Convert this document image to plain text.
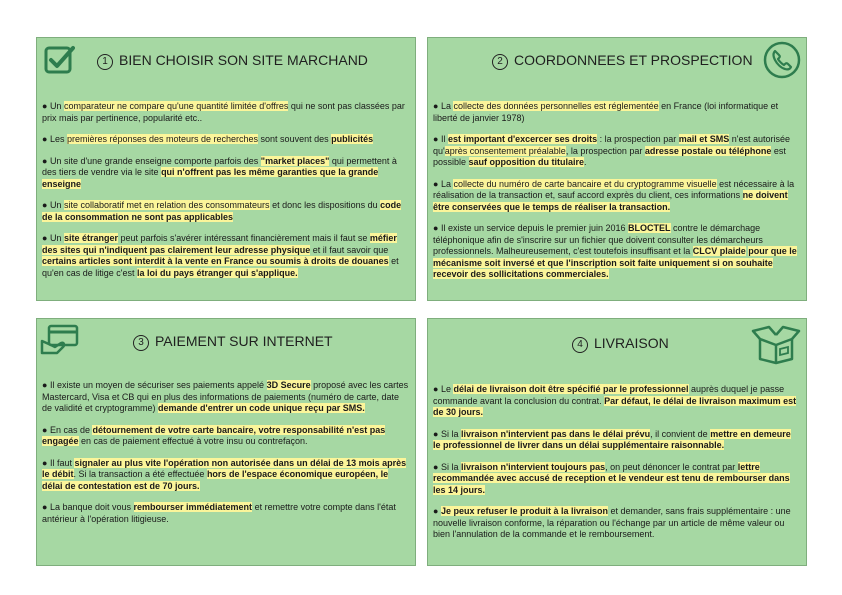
1 BIEN CHOISIR SON SITE MARCHAND

● Un comparateur ne compare qu'une quantité limitée d'offres qui ne sont pas classées par prix mais par pertinence, popularité etc..

● Les premières réponses des moteurs de recherches sont souvent des publicités

● Un site d'une grande enseigne comporte parfois des "market places" qui permettent à des tiers de vendre via le site qui n'offrent pas les même garanties que la grande enseigne

● Un site collaboratif met en relation des consommateurs et donc les dispositions du code de la consommation ne sont pas applicables

● Un site étranger peut parfois s'avérer intéressant financièrement mais il faut se méfier des sites qui n'indiquent pas clairement leur adresse physique et il faut savoir que certains articles sont interdit à la vente en France ou soumis à droits de douanes et qu'en cas de litige c'est la loi du pays étranger qui s'applique.

2 COORDONNEES ET PROSPECTION

● La collecte des données personnelles est réglementée en France (loi informatique et liberté de janvier 1978)

● Il est important d'excercer ses droits : la prospection par mail et SMS n'est autorisée qu'après consentement préalable, la prospection par adresse postale ou téléphone est possible sauf opposition du titulaire.

● La collecte du numéro de carte bancaire et du cryptogramme visuelle est nécessaire à la réalisation de la transaction et, sauf accord exprès du client, ces informations ne doivent être conservées que le temps de réaliser la transaction.

● Il existe un service depuis le premier juin 2016 BLOCTEL contre le démarchage téléphonique afin de s'inscrire sur un fichier que doivent consulter les démarcheurs professionnels. Malheureusement, c'est toutefois insuffisant et la CLCV plaide pour que le mécanisme soit inversé et que l'inscription soit faite uniquement si on souhaite recevoir des sollicitations commerciales.

3 PAIEMENT SUR INTERNET

● Il existe un moyen de sécuriser ses paiements appelé 3D Secure proposé avec les cartes Mastercard, Visa et CB qui en plus des informations de paiements (numéro de carte, date de validité et cryptogramme) demande d'entrer un code unique reçu par SMS.

● En cas de détournement de votre carte bancaire, votre responsabilité n'est pas engagée en cas de paiement effectué à votre insu ou contrefaçon.

● Il faut signaler au plus vite l'opération non autorisée dans un délai de 13 mois après le débit. Si la transaction a été effectuée hors de l'espace économique européen, le délai de contestation est de 70 jours.

● La banque doit vous rembourser immédiatement et remettre votre compte dans l'état antérieur à l'opération litigieuse.

4 LIVRAISON

● Le délai de livraison doit être spécifié par le professionnel auprès duquel je passe commande avant la conclusion du contrat. Par défaut, le délai de livraison maximum est de 30 jours.

● Si la livraison n'intervient pas dans le délai prévu, il convient de mettre en demeure le professionnel de livrer dans un délai supplémentaire raisonnable.

● Si la livraison n'intervient toujours pas, on peut dénoncer le contrat par lettre recommandée avec accusé de reception et le vendeur est tenu de rembourser dans les 14 jours.

● Je peux refuser le produit à la livraison et demander, sans frais supplémentaire : une nouvelle livraison conforme, la réparation ou l'échange par un article de même valeur ou bien l'annulation de la commande et le remboursement.
